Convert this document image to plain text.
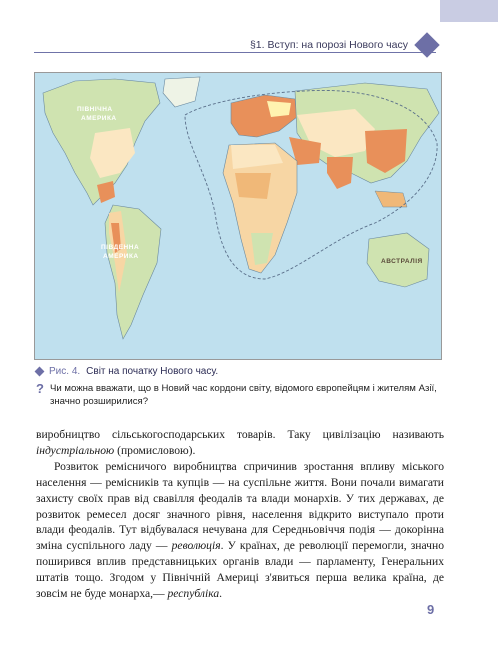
§1. Вступ: на порозі Нового часу
ПІВНІЧНА
АМЕРИКА
ПІВДЕННА
АМЕРИКА
АВСТРАЛІЯ
Рис. 4. Світ на початку Нового часу.
? Чи можна вважати, що в Новий час кордони світу, відомого європейцям і жителям Азії, значно розширилися?

виробництво сільськогосподарських товарів. Таку цивілізацію називають індустріальною (промисловою).

Розвиток ремісничого виробництва спричинив зростання впливу міського населення — ремісників та купців — на суспільне життя. Вони почали вимагати захисту своїх прав від свавілля феодалів та влади монархів. У тих державах, де розвиток ремесел досяг значного рівня, населення відкрито виступало проти влади феодалів. Тут відбувалася нечувана для Середньовіччя подія — докорінна зміна суспільного ладу — революція. У країнах, де революції перемогли, значно поширився вплив представницьких органів влади — парламенту, Генеральних штатів тощо. Згодом у Північній Америці з'явиться перша велика країна, де зовсім не буде монарха,— республіка.

9
